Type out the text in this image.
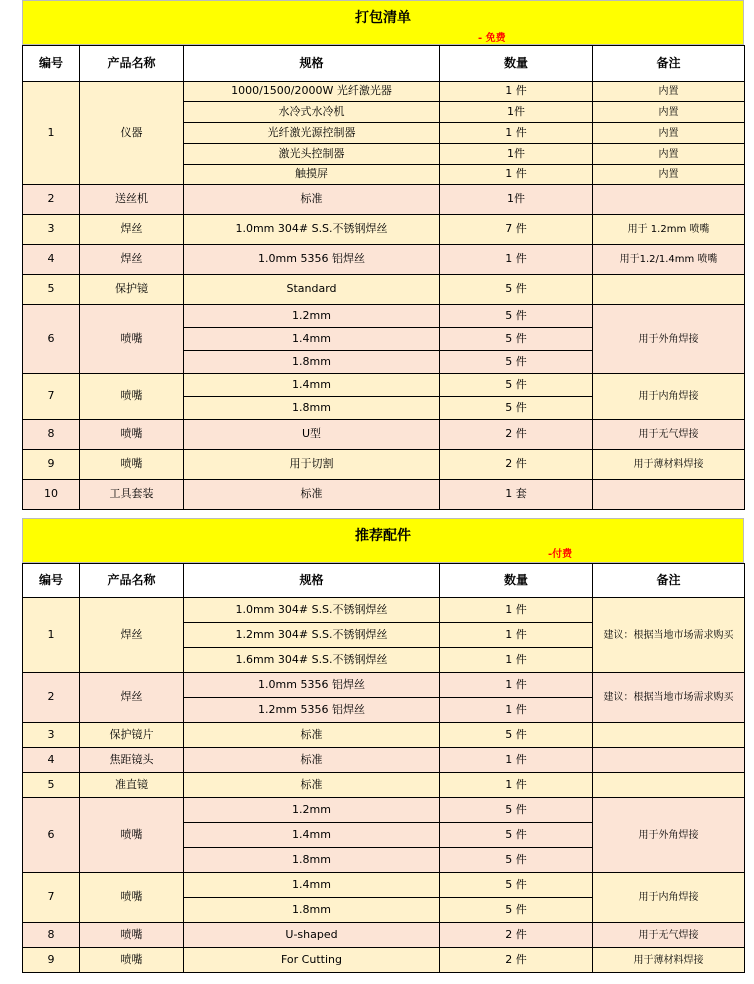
打包清单
- 免费
编号	产品名称	规格	数量	备注
1	仪器	1000/1500/2000W 光纤激光器	1 件	内置
		水冷式水冷机	1件	内置
		光纤激光源控制器	1 件	内置
		激光头控制器	1件	内置
		触摸屏	1 件	内置
2	送丝机	标准	1件	
3	焊丝	1.0mm 304# S.S.不锈钢焊丝	7 件	用于 1.2mm 喷嘴
4	焊丝	1.0mm 5356 铝焊丝	1 件	用于1.2/1.4mm 喷嘴
5	保护镜	Standard	5 件	
6	喷嘴	1.2mm	5 件	用于外角焊接
		1.4mm	5 件	
		1.8mm	5 件	
7	喷嘴	1.4mm	5 件	用于内角焊接
		1.8mm	5 件	
8	喷嘴	U型	2 件	用于无气焊接
9	喷嘴	用于切割	2 件	用于薄材料焊接
10	工具套装	标准	1 套	
推荐配件
-付费
编号	产品名称	规格	数量	备注
1	焊丝	1.0mm 304# S.S.不锈钢焊丝	1 件	建议：根据当地市场需求购买
		1.2mm 304# S.S.不锈钢焊丝	1 件	
		1.6mm 304# S.S.不锈钢焊丝	1 件	
2	焊丝	1.0mm 5356 铝焊丝	1 件	建议：根据当地市场需求购买
		1.2mm 5356 铝焊丝	1 件	
3	保护镜片	标准	5 件	
4	焦距镜头	标准	1 件	
5	准直镜	标准	1 件	
6	喷嘴	1.2mm	5 件	用于外角焊接
		1.4mm	5 件	
		1.8mm	5 件	
7	喷嘴	1.4mm	5 件	用于内角焊接
		1.8mm	5 件	
8	喷嘴	U-shaped	2 件	用于无气焊接
9	喷嘴	For Cutting	2 件	用于薄材料焊接
